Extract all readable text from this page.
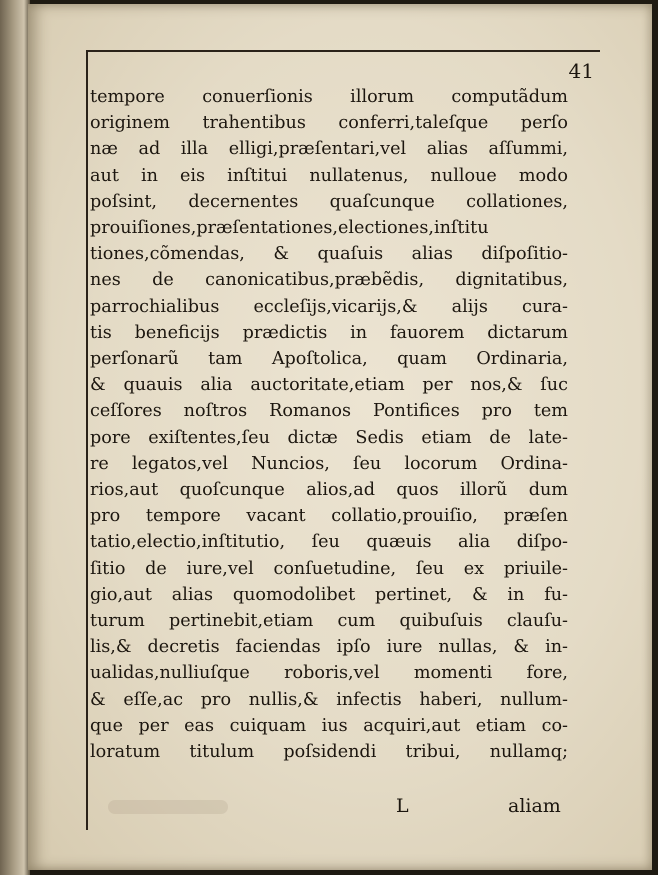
41

tempore conuerſionis illorum computãdum
originem trahentibus conferri,taleſque perſo
næ ad illa elligi,præſentari,vel alias aſſummi,
aut in eis inſtitui nullatenus, nulloue modo
poſsint, decernentes quaſcunque collationes,
prouiſiones,præſentationes,electiones,inſtitu
tiones,cõmendas, & quaſuis alias diſpoſitio-
nes de canonicatibus,præbẽdis, dignitatibus,
parrochialibus eccleſijs,vicarijs,& alijs cura-
tis beneficijs prædictis in fauorem dictarum
perſonarũ tam Apoſtolica, quam Ordinaria,
& quauis alia auctoritate,etiam per nos,& ſuc
ceſſores noſtros Romanos Pontifices pro tem
pore exiſtentes,ſeu dictæ Sedis etiam de late-
re legatos,vel Nuncios, ſeu locorum Ordina-
rios,aut quoſcunque alios,ad quos illorũ dum
pro tempore vacant collatio,prouiſio, præſen
tatio,electio,inſtitutio, ſeu quæuis alia diſpo-
ſitio de iure,vel conſuetudine, ſeu ex priuile-
gio,aut alias quomodolibet pertinet, & in fu-
turum pertinebit,etiam cum quibuſuis clauſu-
lis,& decretis faciendas ipſo iure nullas, & in-
ualidas,nulliuſque roboris,vel momenti fore,
& eſſe,ac pro nullis,& infectis haberi, nullum-
que per eas cuiquam ius acquiri,aut etiam co-
loratum titulum poſsidendi tribui, nullamq;

L	aliam
